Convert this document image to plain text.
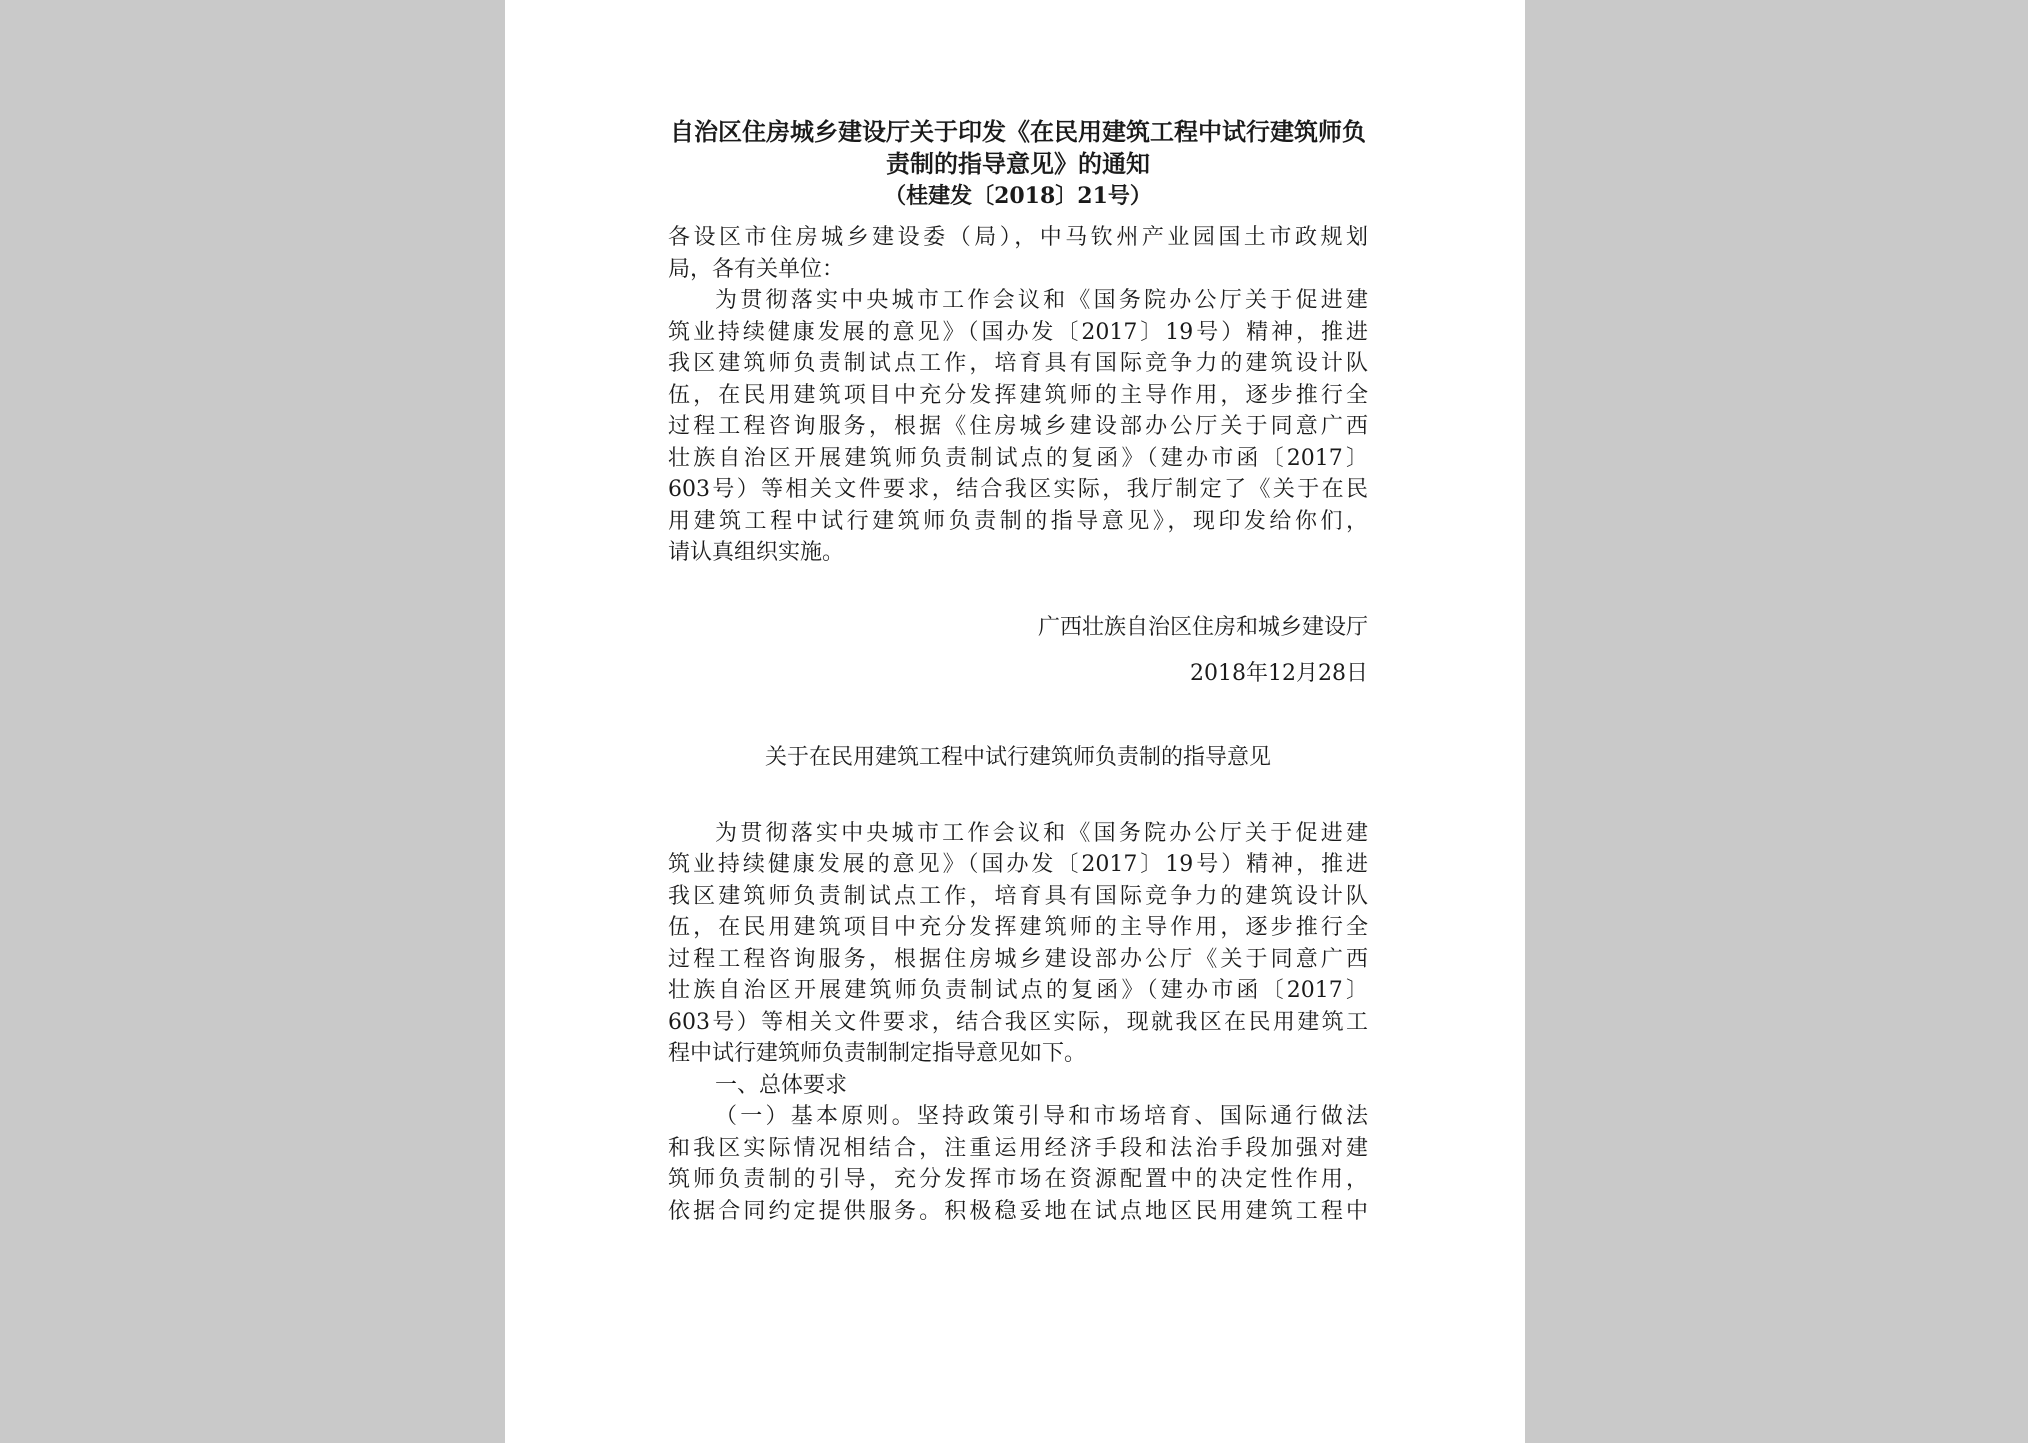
自治区住房城乡建设厅关于印发《在民用建筑工程中试行建筑师负
责制的指导意见》的通知
（桂建发〔2018〕21号）
各设区市住房城乡建设委（局），中马钦州产业园国土市政规划
局，各有关单位：
为贯彻落实中央城市工作会议和《国务院办公厅关于促进建
筑业持续健康发展的意见》（国办发〔2017〕19号）精神，推进
我区建筑师负责制试点工作，培育具有国际竞争力的建筑设计队
伍，在民用建筑项目中充分发挥建筑师的主导作用，逐步推行全
过程工程咨询服务，根据《住房城乡建设部办公厅关于同意广西
壮族自治区开展建筑师负责制试点的复函》（建办市函〔2017〕
603号）等相关文件要求，结合我区实际，我厅制定了《关于在民
用建筑工程中试行建筑师负责制的指导意见》，现印发给你们，
请认真组织实施。
广西壮族自治区住房和城乡建设厅
2018年12月28日
关于在民用建筑工程中试行建筑师负责制的指导意见
为贯彻落实中央城市工作会议和《国务院办公厅关于促进建
筑业持续健康发展的意见》（国办发〔2017〕19号）精神，推进
我区建筑师负责制试点工作，培育具有国际竞争力的建筑设计队
伍，在民用建筑项目中充分发挥建筑师的主导作用，逐步推行全
过程工程咨询服务，根据住房城乡建设部办公厅《关于同意广西
壮族自治区开展建筑师负责制试点的复函》（建办市函〔2017〕
603号）等相关文件要求，结合我区实际，现就我区在民用建筑工
程中试行建筑师负责制制定指导意见如下。
一、总体要求
（一）基本原则。坚持政策引导和市场培育、国际通行做法
和我区实际情况相结合，注重运用经济手段和法治手段加强对建
筑师负责制的引导，充分发挥市场在资源配置中的决定性作用，
依据合同约定提供服务。积极稳妥地在试点地区民用建筑工程中
